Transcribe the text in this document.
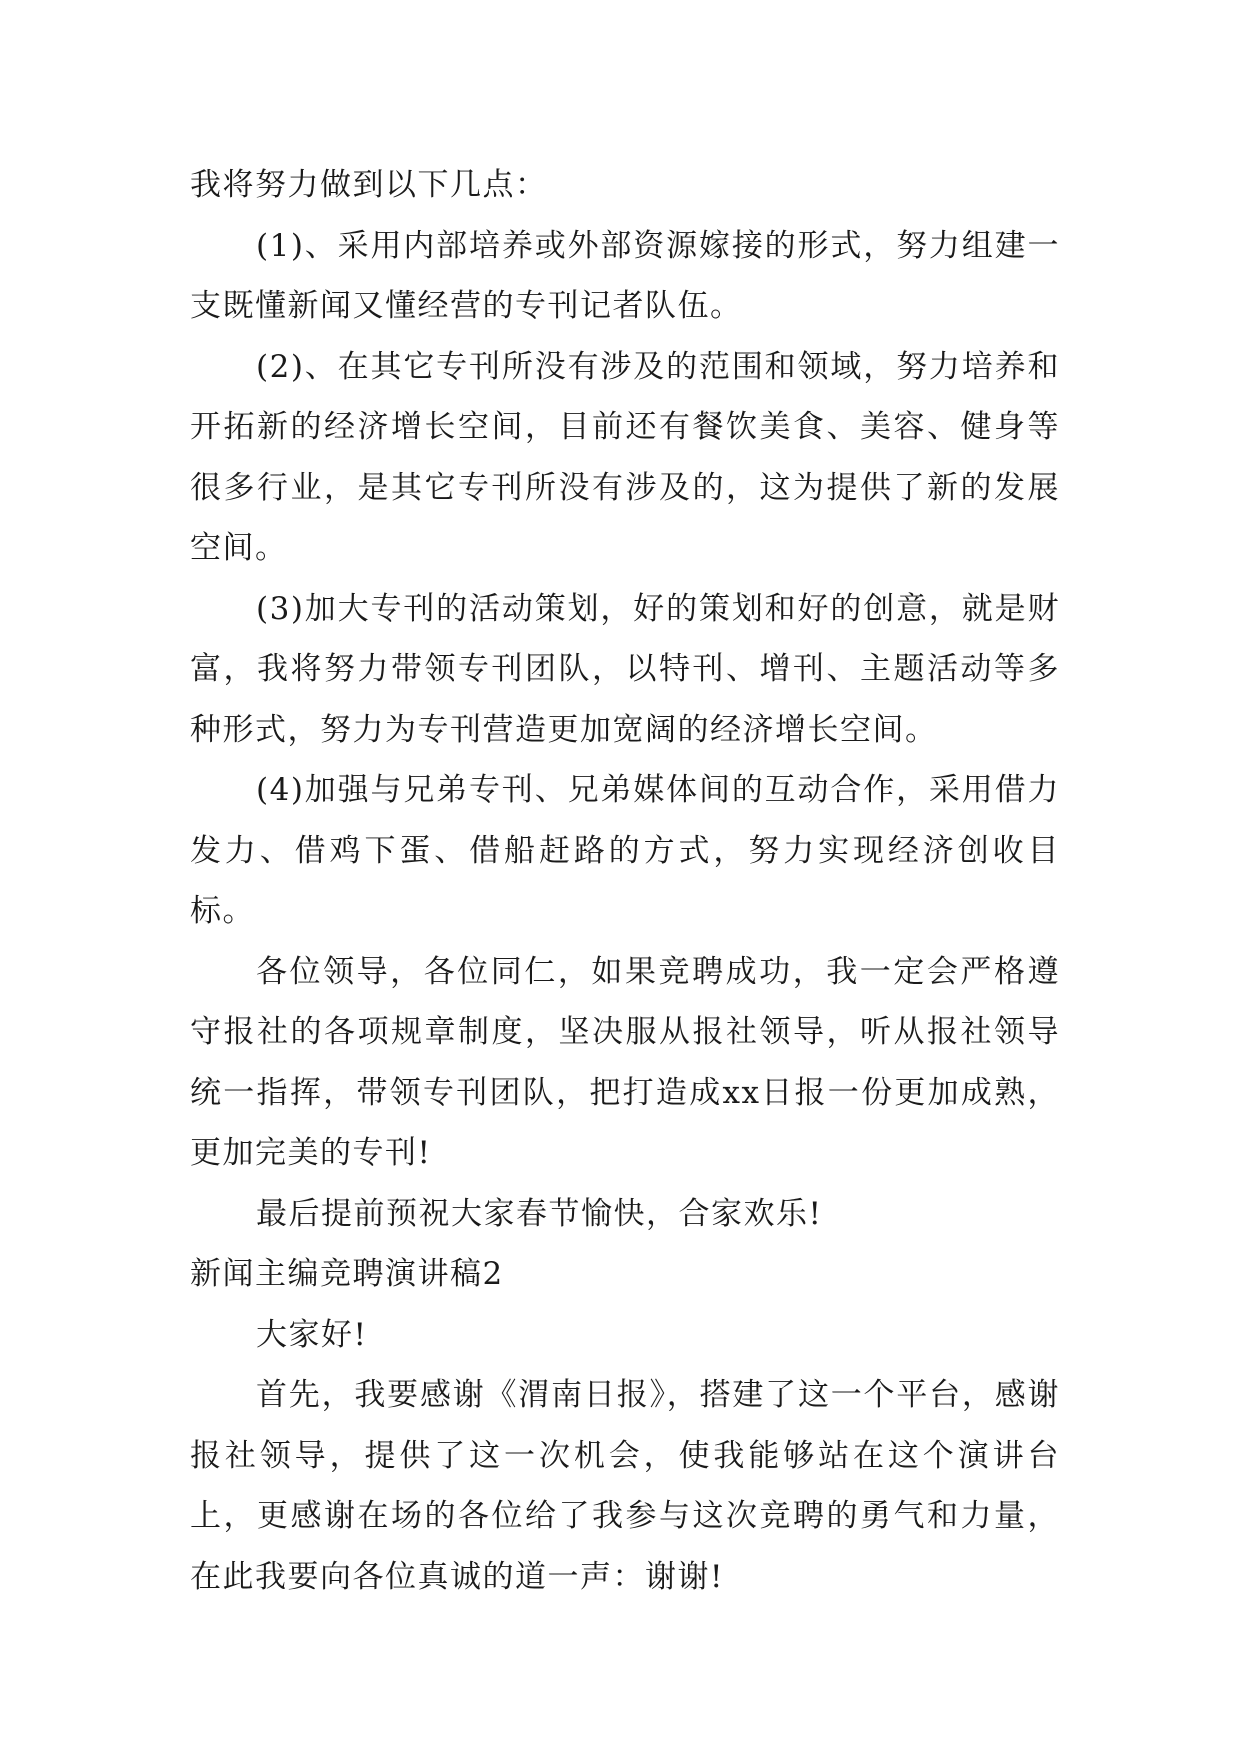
我将努力做到以下几点：

(1)、采用内部培养或外部资源嫁接的形式，努力组建一支既懂新闻又懂经营的专刊记者队伍。

(2)、在其它专刊所没有涉及的范围和领域，努力培养和开拓新的经济增长空间，目前还有餐饮美食、美容、健身等很多行业，是其它专刊所没有涉及的，这为提供了新的发展空间。

(3)加大专刊的活动策划，好的策划和好的创意，就是财富，我将努力带领专刊团队，以特刊、增刊、主题活动等多种形式，努力为专刊营造更加宽阔的经济增长空间。

(4)加强与兄弟专刊、兄弟媒体间的互动合作，采用借力发力、借鸡下蛋、借船赶路的方式，努力实现经济创收目标。

各位领导，各位同仁，如果竞聘成功，我一定会严格遵守报社的各项规章制度，坚决服从报社领导，听从报社领导统一指挥，带领专刊团队，把打造成xx日报一份更加成熟，更加完美的专刊!

最后提前预祝大家春节愉快，合家欢乐!

新闻主编竞聘演讲稿2

大家好!

首先，我要感谢《渭南日报》，搭建了这一个平台，感谢报社领导，提供了这一次机会，使我能够站在这个演讲台上，更感谢在场的各位给了我参与这次竞聘的勇气和力量，在此我要向各位真诚的道一声：谢谢!
